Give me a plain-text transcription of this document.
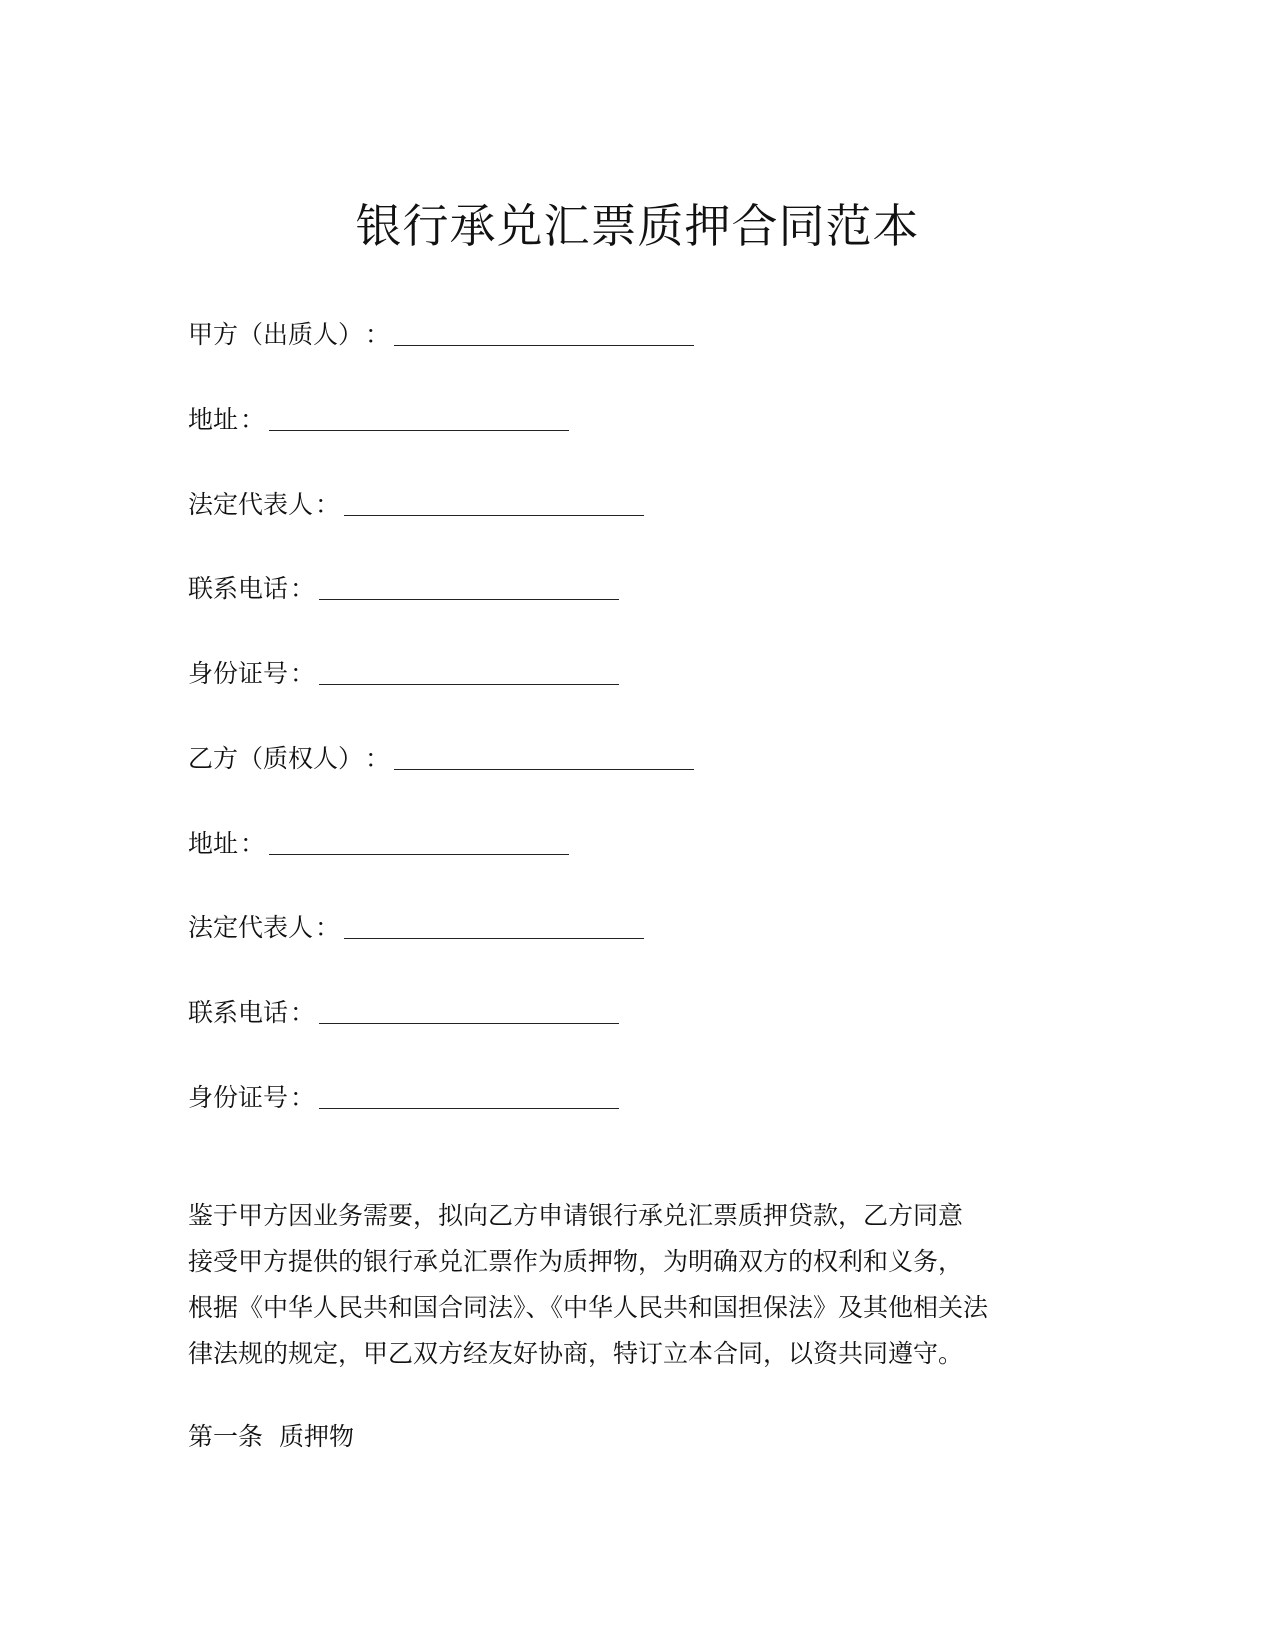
银行承兑汇票质押合同范本
甲方（出质人） ：
地址 ：
法定代表人 ：
联系电话 ：
身份证号 ：
乙方（质权人） ：
地址 ：
法定代表人 ：
联系电话 ：
身份证号 ：

鉴于甲方因业务需要，拟向乙方申请银行承兑汇票质押贷款，乙方同意

接受甲方提供的银行承兑汇票作为质押物，为明确双方的权利和义务，

根据《中华人民共和国合同法》、《中华人民共和国担保法》及其他相关法

律法规的规定，甲乙双方经友好协商，特订立本合同，以资共同遵守。

第一条 质押物
